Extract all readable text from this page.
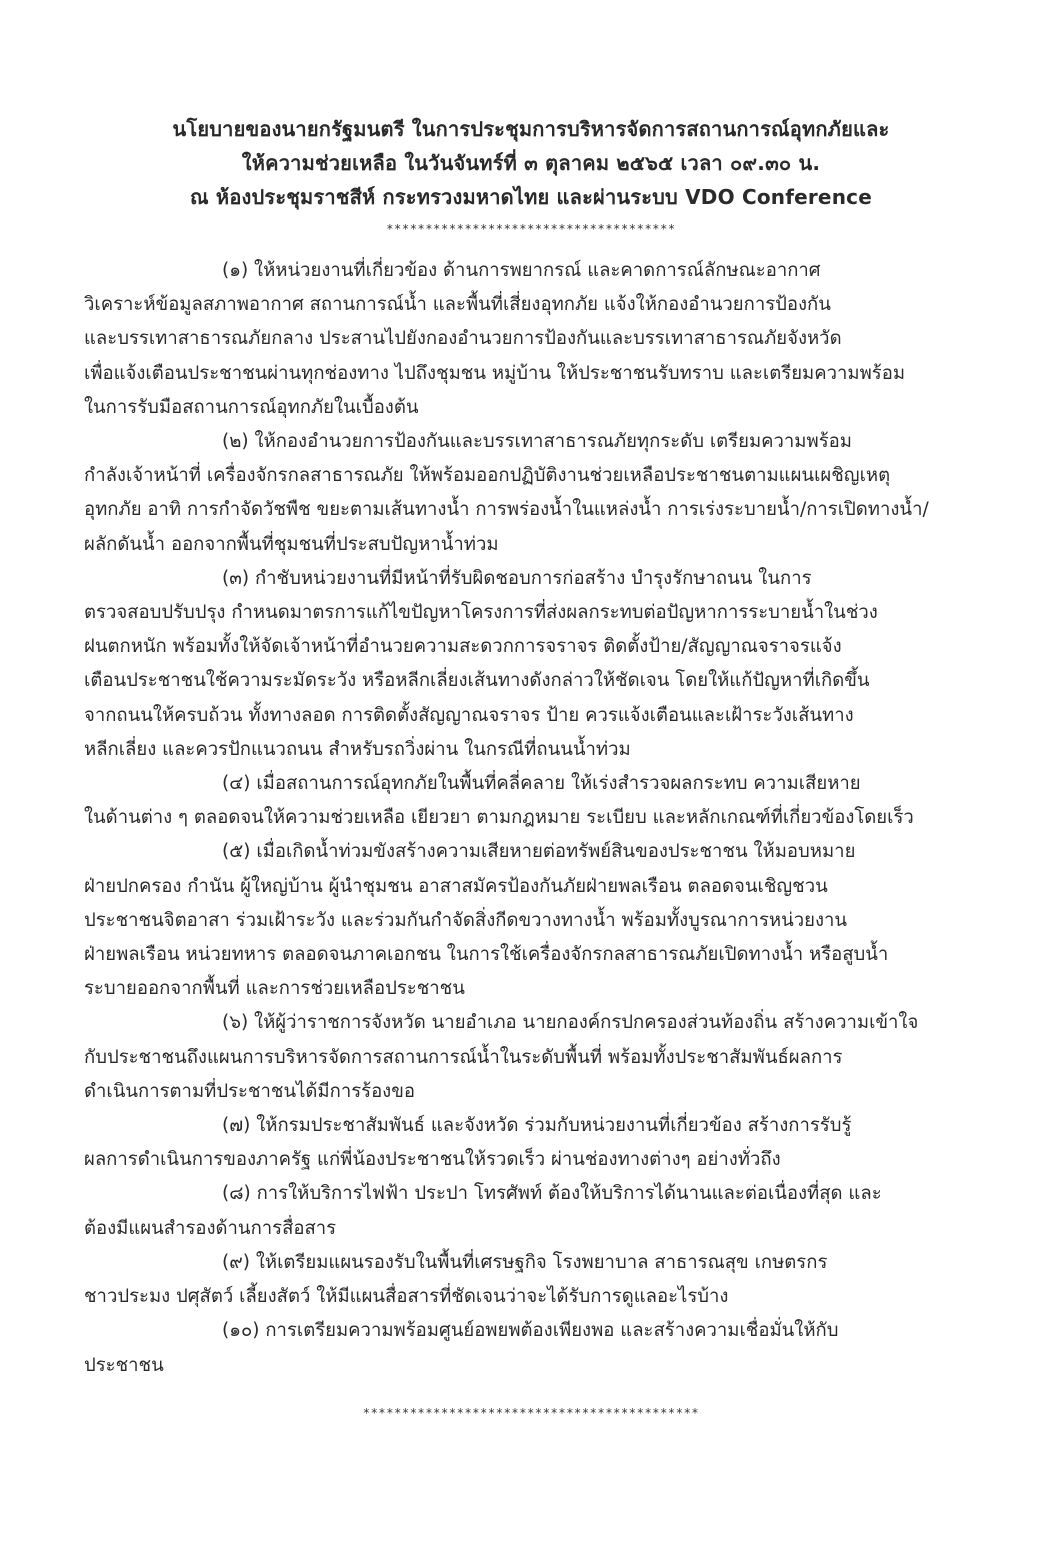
นโยบายของนายกรัฐมนตรี ในการประชุมการบริหารจัดการสถานการณ์อุทกภัยและ
ให้ความช่วยเหลือ ในวันจันทร์ที่ ๓ ตุลาคม ๒๕๖๕ เวลา ๐๙.๓๐ น.
ณ ห้องประชุมราชสีห์ กระทรวงมหาดไทย และผ่านระบบ VDO Conference
*************************************
(๑) ให้หน่วยงานที่เกี่ยวข้อง ด้านการพยากรณ์ และคาดการณ์ลักษณะอากาศ
วิเคราะห์ข้อมูลสภาพอากาศ สถานการณ์น้ำ และพื้นที่เสี่ยงอุทกภัย แจ้งให้กองอำนวยการป้องกัน
และบรรเทาสาธารณภัยกลาง ประสานไปยังกองอำนวยการป้องกันและบรรเทาสาธารณภัยจังหวัด
เพื่อแจ้งเตือนประชาชนผ่านทุกช่องทาง ไปถึงชุมชน หมู่บ้าน ให้ประชาชนรับทราบ และเตรียมความพร้อม
ในการรับมือสถานการณ์อุทกภัยในเบื้องต้น
(๒) ให้กองอำนวยการป้องกันและบรรเทาสาธารณภัยทุกระดับ เตรียมความพร้อม
กำลังเจ้าหน้าที่ เครื่องจักรกลสาธารณภัย ให้พร้อมออกปฏิบัติงานช่วยเหลือประชาชนตามแผนเผชิญเหตุ
อุทกภัย อาทิ การกำจัดวัชพืช ขยะตามเส้นทางน้ำ การพร่องน้ำในแหล่งน้ำ การเร่งระบายน้ำ/การเปิดทางน้ำ/
ผลักดันน้ำ ออกจากพื้นที่ชุมชนที่ประสบปัญหาน้ำท่วม
(๓) กำชับหน่วยงานที่มีหน้าที่รับผิดชอบการก่อสร้าง บำรุงรักษาถนน ในการ
ตรวจสอบปรับปรุง กำหนดมาตรการแก้ไขปัญหาโครงการที่ส่งผลกระทบต่อปัญหาการระบายน้ำในช่วง
ฝนตกหนัก พร้อมทั้งให้จัดเจ้าหน้าที่อำนวยความสะดวกการจราจร ติดตั้งป้าย/สัญญาณจราจรแจ้ง
เตือนประชาชนใช้ความระมัดระวัง หรือหลีกเลี่ยงเส้นทางดังกล่าวให้ชัดเจน โดยให้แก้ปัญหาที่เกิดขึ้น
จากถนนให้ครบถ้วน ทั้งทางลอด การติดตั้งสัญญาณจราจร ป้าย ควรแจ้งเตือนและเฝ้าระวังเส้นทาง
หลีกเลี่ยง และควรปักแนวถนน สำหรับรถวิ่งผ่าน ในกรณีที่ถนนน้ำท่วม
(๔) เมื่อสถานการณ์อุทกภัยในพื้นที่คลี่คลาย ให้เร่งสำรวจผลกระทบ ความเสียหาย
ในด้านต่าง ๆ ตลอดจนให้ความช่วยเหลือ เยียวยา ตามกฎหมาย ระเบียบ และหลักเกณฑ์ที่เกี่ยวข้องโดยเร็ว
(๕) เมื่อเกิดน้ำท่วมขังสร้างความเสียหายต่อทรัพย์สินของประชาชน ให้มอบหมาย
ฝ่ายปกครอง กำนัน ผู้ใหญ่บ้าน ผู้นำชุมชน อาสาสมัครป้องกันภัยฝ่ายพลเรือน ตลอดจนเชิญชวน
ประชาชนจิตอาสา ร่วมเฝ้าระวัง และร่วมกันกำจัดสิ่งกีดขวางทางน้ำ พร้อมทั้งบูรณาการหน่วยงาน
ฝ่ายพลเรือน หน่วยทหาร ตลอดจนภาคเอกชน ในการใช้เครื่องจักรกลสาธารณภัยเปิดทางน้ำ หรือสูบน้ำ
ระบายออกจากพื้นที่ และการช่วยเหลือประชาชน
(๖) ให้ผู้ว่าราชการจังหวัด นายอำเภอ นายกองค์กรปกครองส่วนท้องถิ่น สร้างความเข้าใจ
กับประชาชนถึงแผนการบริหารจัดการสถานการณ์น้ำในระดับพื้นที่ พร้อมทั้งประชาสัมพันธ์ผลการ
ดำเนินการตามที่ประชาชนได้มีการร้องขอ
(๗) ให้กรมประชาสัมพันธ์ และจังหวัด ร่วมกับหน่วยงานที่เกี่ยวข้อง สร้างการรับรู้
ผลการดำเนินการของภาครัฐ แก่พี่น้องประชาชนให้รวดเร็ว ผ่านช่องทางต่างๆ อย่างทั่วถึง
(๘) การให้บริการไฟฟ้า ประปา โทรศัพท์ ต้องให้บริการได้นานและต่อเนื่องที่สุด และ
ต้องมีแผนสำรองด้านการสื่อสาร
(๙) ให้เตรียมแผนรองรับในพื้นที่เศรษฐกิจ โรงพยาบาล สาธารณสุข เกษตรกร
ชาวประมง ปศุสัตว์ เลี้ยงสัตว์ ให้มีแผนสื่อสารที่ชัดเจนว่าจะได้รับการดูแลอะไรบ้าง
(๑๐) การเตรียมความพร้อมศูนย์อพยพต้องเพียงพอ และสร้างความเชื่อมั่นให้กับ
ประชาชน
*******************************************
